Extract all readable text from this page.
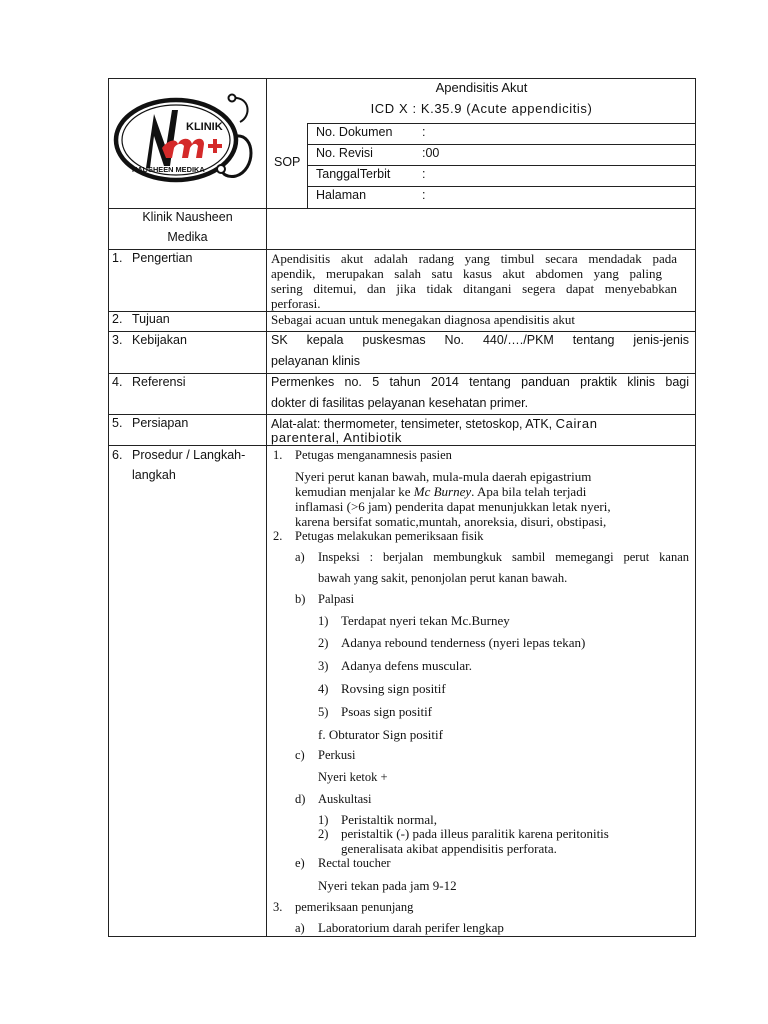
KLINIK
NAUSHEEN MEDIKA
Apendisitis Akut
ICD X : K.35.9 (Acute appendicitis)
SOP
No. Dokumen :
No. Revisi	:00
TanggalTerbit	:
Halaman	:
Klinik Nausheen
Medika
1. Pengertian	Apendisitis akut adalah radang yang timbul secara mendadak pada
apendik, merupakan salah satu kasus akut abdomen yang paling
sering ditemui, dan jika tidak ditangani segera dapat menyebabkan
perforasi.
2. Tujuan	Sebagai acuan untuk menegakan diagnosa apendisitis akut
3. Kebijakan	SK kepala puskesmas No. 440/…./PKM tentang jenis-jenis
pelayanan klinis
4. Referensi	Permenkes no. 5 tahun 2014 tentang panduan praktik klinis bagi
dokter di fasilitas pelayanan kesehatan primer.
5. Persiapan	Alat-alat: thermometer, tensimeter, stetoskop, ATK, Cairan
parenteral, Antibiotik
6. Prosedur / Langkah-
langkah
1. Petugas menganamnesis pasien
Nyeri perut kanan bawah, mula-mula daerah epigastrium
kemudian menjalar ke Mc Burney. Apa bila telah terjadi
inflamasi (>6 jam) penderita dapat menunjukkan letak nyeri,
karena bersifat somatic,muntah, anoreksia, disuri, obstipasi,
2. Petugas melakukan pemeriksaan fisik
a) Inspeksi : berjalan membungkuk sambil memegangi perut kanan
bawah yang sakit, penonjolan perut kanan bawah.
b) Palpasi
1) Terdapat nyeri tekan Mc.Burney
2) Adanya rebound tenderness (nyeri lepas tekan)
3) Adanya defens muscular.
4) Rovsing sign positif
5) Psoas sign positif
f. Obturator Sign positif
c) Perkusi
Nyeri ketok +
d) Auskultasi
1) Peristaltik normal,
2) peristaltik (-) pada illeus paralitik karena peritonitis
generalisata akibat appendisitis perforata.
e) Rectal toucher
Nyeri tekan pada jam 9-12
3. pemeriksaan penunjang
a) Laboratorium darah perifer lengkap
